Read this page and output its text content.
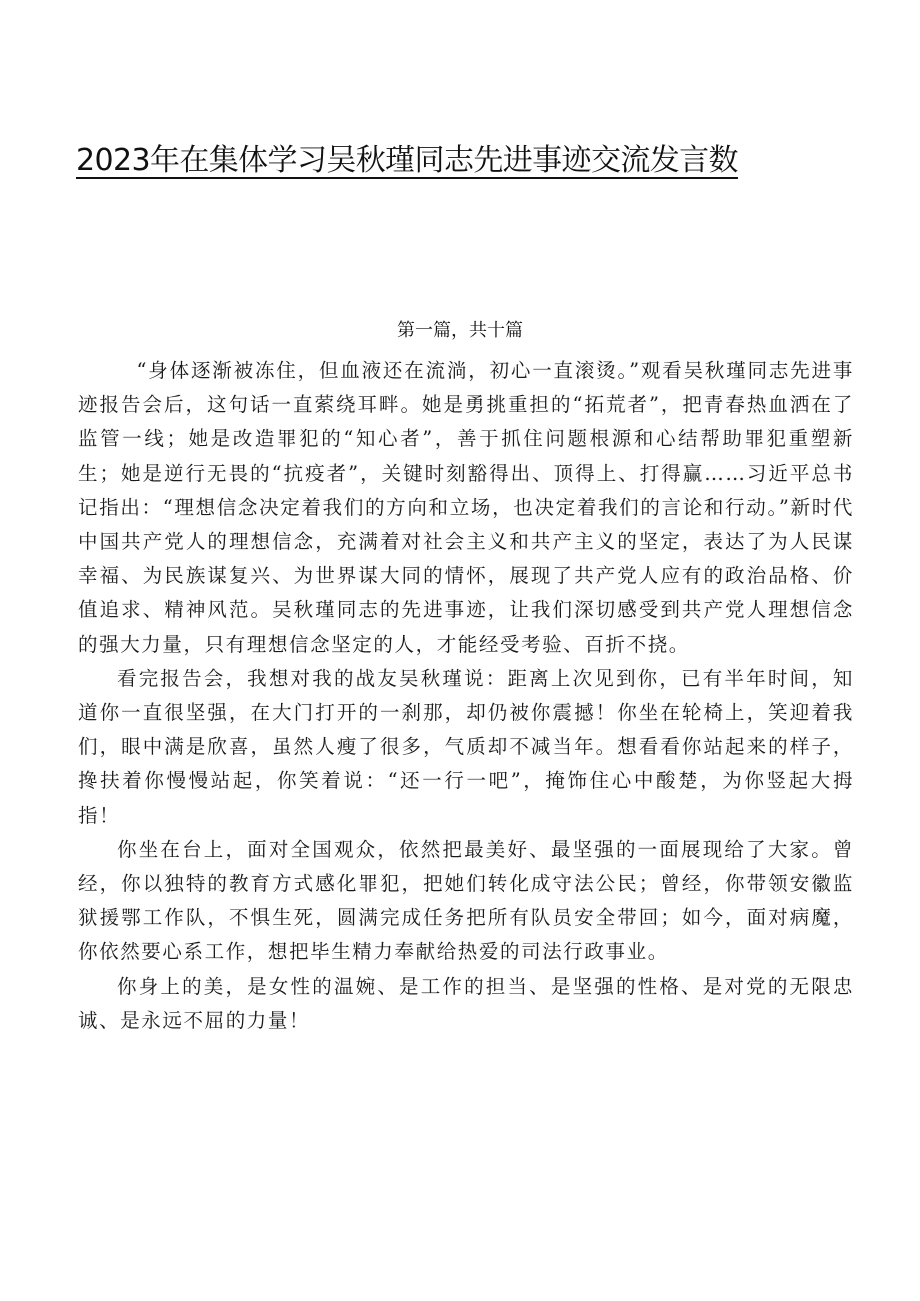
2023年在集体学习吴秋瑾同志先进事迹交流发言数
第一篇，共十篇

“身体逐渐被冻住，但血液还在流淌，初心一直滚烫。”观看吴秋瑾同志先进事迹报告会后，这句话一直萦绕耳畔。她是勇挑重担的“拓荒者”，把青春热血洒在了监管一线；她是改造罪犯的“知心者”，善于抓住问题根源和心结帮助罪犯重塑新生；她是逆行无畏的“抗疫者”，关键时刻豁得出、顶得上、打得赢……习近平总书记指出：“理想信念决定着我们的方向和立场，也决定着我们的言论和行动。”新时代中国共产党人的理想信念，充满着对社会主义和共产主义的坚定，表达了为人民谋幸福、为民族谋复兴、为世界谋大同的情怀，展现了共产党人应有的政治品格、价值追求、精神风范。吴秋瑾同志的先进事迹，让我们深切感受到共产党人理想信念的强大力量，只有理想信念坚定的人，才能经受考验、百折不挠。

看完报告会，我想对我的战友吴秋瑾说：距离上次见到你，已有半年时间，知道你一直很坚强，在大门打开的一刹那，却仍被你震撼！你坐在轮椅上，笑迎着我们，眼中满是欣喜，虽然人瘦了很多，气质却不减当年。想看看你站起来的样子，搀扶着你慢慢站起，你笑着说：“还一行一吧”，掩饰住心中酸楚，为你竖起大拇指！

你坐在台上，面对全国观众，依然把最美好、最坚强的一面展现给了大家。曾经，你以独特的教育方式感化罪犯，把她们转化成守法公民；曾经，你带领安徽监狱援鄂工作队，不惧生死，圆满完成任务把所有队员安全带回；如今，面对病魔，你依然要心系工作，想把毕生精力奉献给热爱的司法行政事业。

你身上的美，是女性的温婉、是工作的担当、是坚强的性格、是对党的无限忠诚、是永远不屈的力量！
